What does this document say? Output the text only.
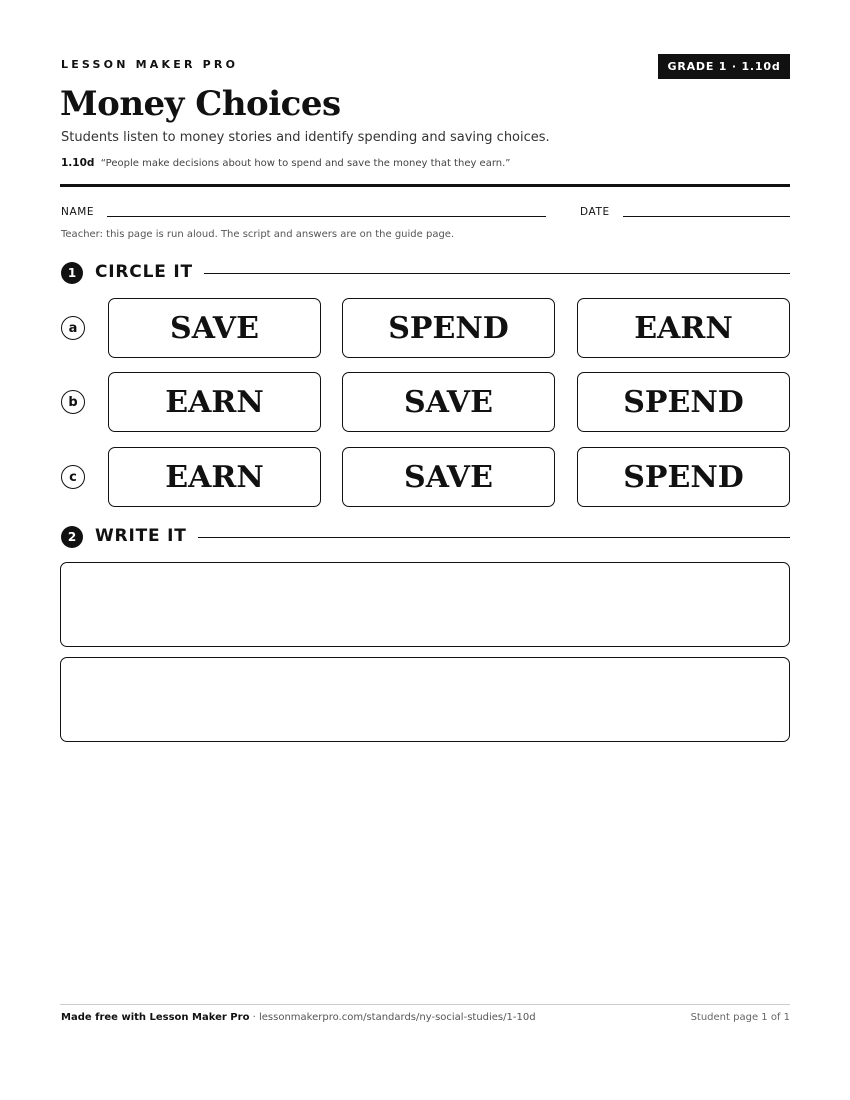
LESSON MAKER PRO	GRADE 1 · 1.10d
Money Choices
Students listen to money stories and identify spending and saving choices.
1.10d “People make decisions about how to spend and save the money that they earn.”
NAME	DATE
Teacher: this page is run aloud. The script and answers are on the guide page.
1	CIRCLE IT
a	SAVE	SPEND	EARN
b	EARN	SAVE	SPEND
c	EARN	SAVE	SPEND
2	WRITE IT
Made free with Lesson Maker Pro · lessonmakerpro.com/standards/ny-social-studies/1-10d	Student page 1 of 1
